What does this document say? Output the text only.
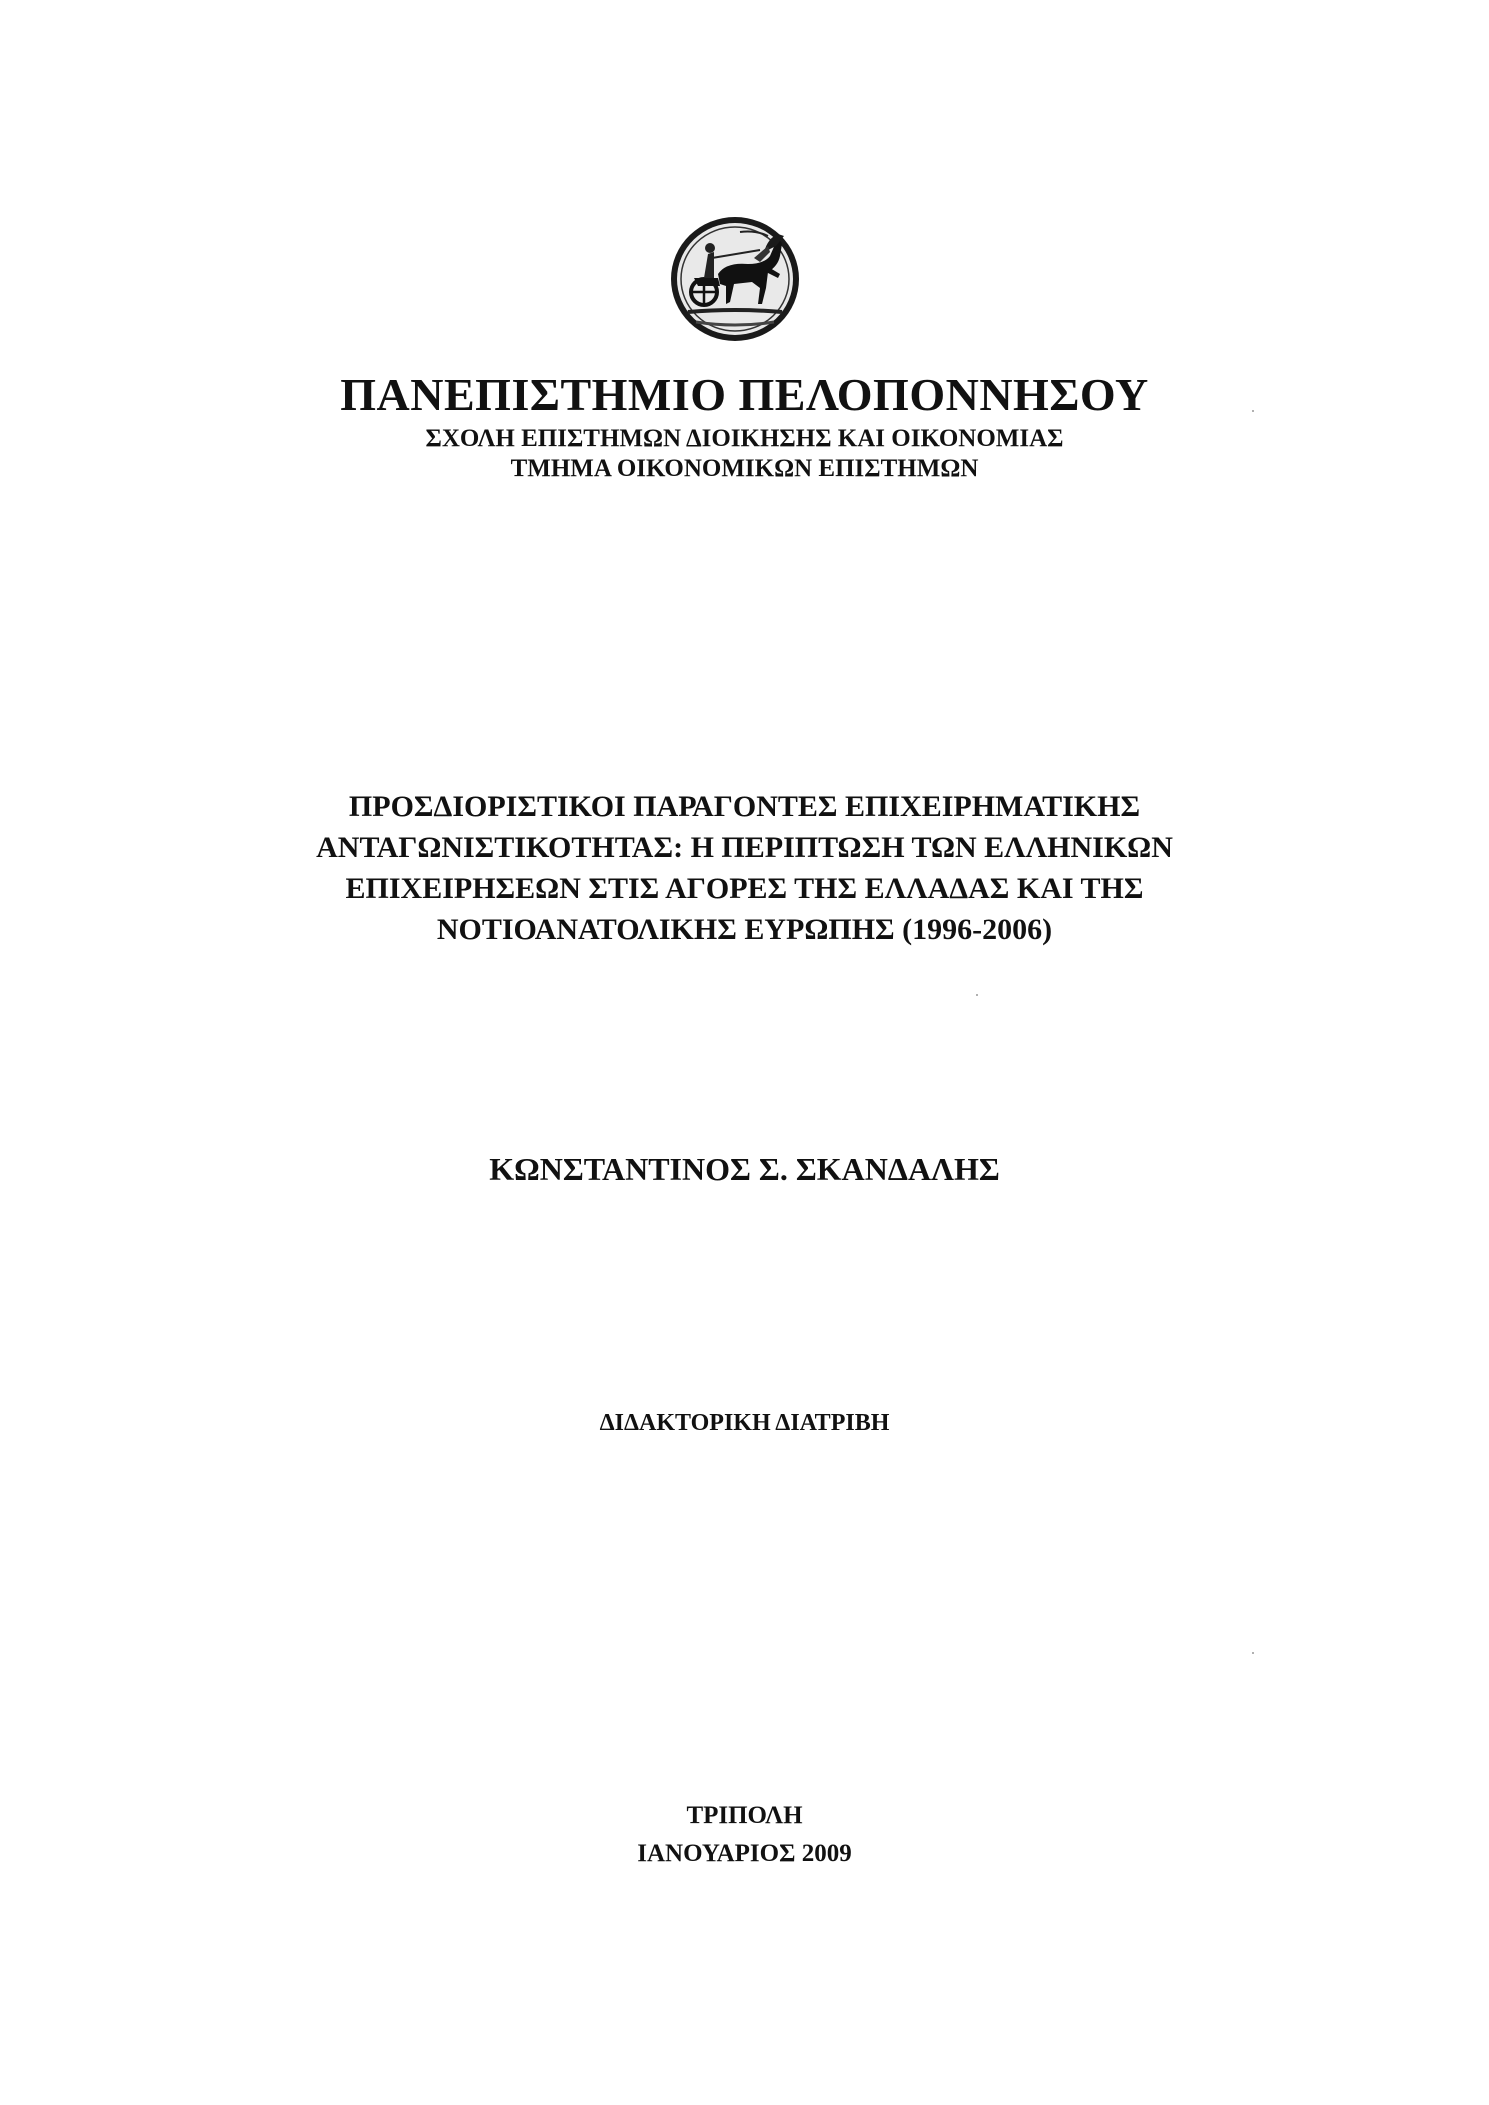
ΠΑΝΕΠΙΣΤΗΜΙΟ ΠΕΛΟΠΟΝΝΗΣΟΥ
ΣΧΟΛΗ ΕΠΙΣΤΗΜΩΝ ΔΙΟΙΚΗΣΗΣ ΚΑΙ ΟΙΚΟΝΟΜΙΑΣ
ΤΜΗΜΑ ΟΙΚΟΝΟΜΙΚΩΝ ΕΠΙΣΤΗΜΩΝ
ΠΡΟΣΔΙΟΡΙΣΤΙΚΟΙ ΠΑΡΑΓΟΝΤΕΣ ΕΠΙΧΕΙΡΗΜΑΤΙΚΗΣ
ΑΝΤΑΓΩΝΙΣΤΙΚΟΤΗΤΑΣ: Η ΠΕΡΙΠΤΩΣΗ ΤΩΝ ΕΛΛΗΝΙΚΩΝ
ΕΠΙΧΕΙΡΗΣΕΩΝ ΣΤΙΣ ΑΓΟΡΕΣ ΤΗΣ ΕΛΛΑΔΑΣ ΚΑΙ ΤΗΣ
ΝΟΤΙΟΑΝΑΤΟΛΙΚΗΣ ΕΥΡΩΠΗΣ (1996-2006)
ΚΩΝΣΤΑΝΤΙΝΟΣ Σ. ΣΚΑΝΔΑΛΗΣ
ΔΙΔΑΚΤΟΡΙΚΗ ΔΙΑΤΡΙΒΗ
ΤΡΙΠΟΛΗ
ΙΑΝΟΥΑΡΙΟΣ 2009
